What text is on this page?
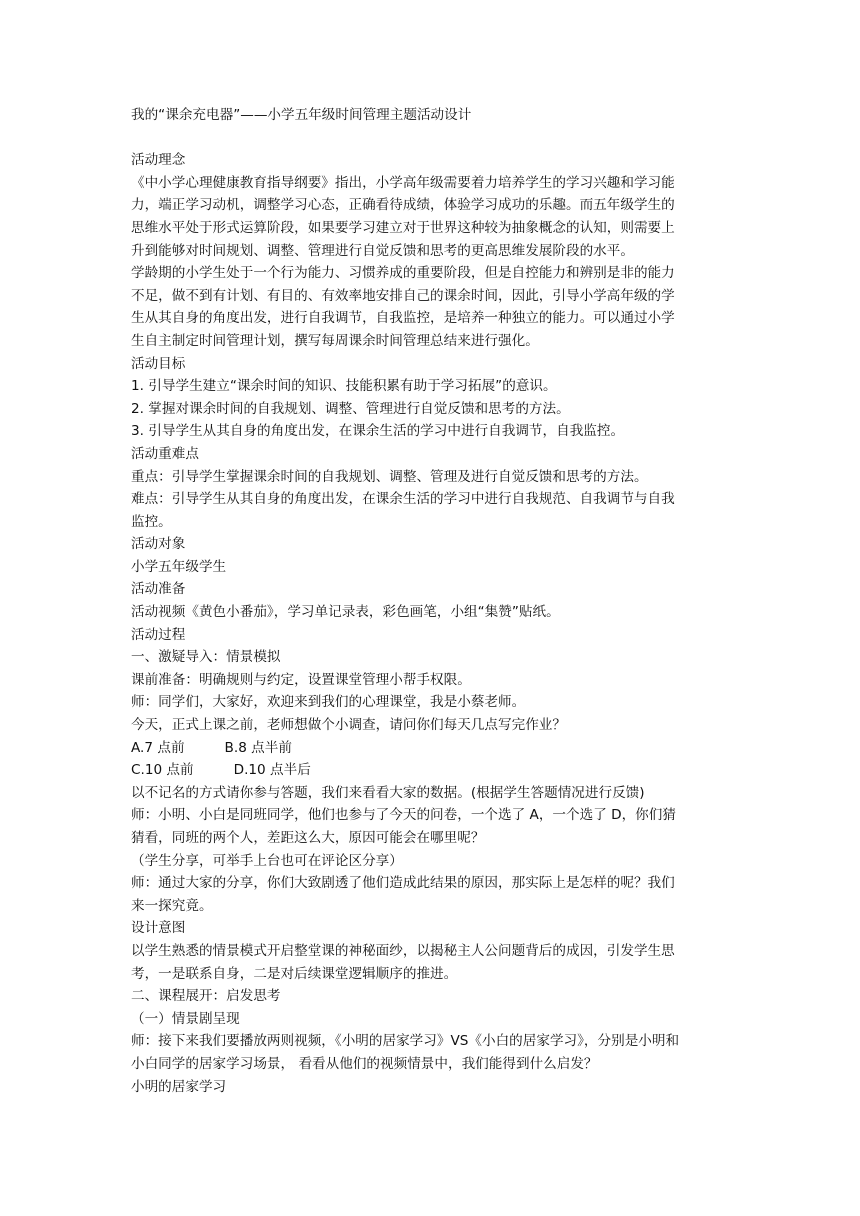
我的“课余充电器”——小学五年级时间管理主题活动设计
活动理念
《中小学心理健康教育指导纲要》指出，小学高年级需要着力培养学生的学习兴趣和学习能
力，端正学习动机，调整学习心态，正确看待成绩，体验学习成功的乐趣。而五年级学生的
思维水平处于形式运算阶段，如果要学习建立对于世界这种较为抽象概念的认知，则需要上
升到能够对时间规划、调整、管理进行自觉反馈和思考的更高思维发展阶段的水平。
学龄期的小学生处于一个行为能力、习惯养成的重要阶段，但是自控能力和辨别是非的能力
不足，做不到有计划、有目的、有效率地安排自己的课余时间，因此，引导小学高年级的学
生从其自身的角度出发，进行自我调节，自我监控，是培养一种独立的能力。可以通过小学
生自主制定时间管理计划，撰写每周课余时间管理总结来进行强化。
活动目标
1. 引导学生建立“课余时间的知识、技能积累有助于学习拓展”的意识。
2. 掌握对课余时间的自我规划、调整、管理进行自觉反馈和思考的方法。
3. 引导学生从其自身的角度出发，在课余生活的学习中进行自我调节，自我监控。
活动重难点
重点：引导学生掌握课余时间的自我规划、调整、管理及进行自觉反馈和思考的方法。
难点：引导学生从其自身的角度出发，在课余生活的学习中进行自我规范、自我调节与自我
监控。
活动对象
小学五年级学生
活动准备
活动视频《黄色小番茄》，学习单记录表，彩色画笔，小组“集赞”贴纸。
活动过程
一、激疑导入：情景模拟
课前准备：明确规则与约定，设置课堂管理小帮手权限。
师：同学们，大家好，欢迎来到我们的心理课堂，我是小蔡老师。
今天，正式上课之前，老师想做个小调查，请问你们每天几点写完作业？
A.7 点前	B.8 点半前
C.10 点前	D.10 点半后
以不记名的方式请你参与答题，我们来看看大家的数据。(根据学生答题情况进行反馈)
师：小明、小白是同班同学，他们也参与了今天的问卷，一个选了 A，一个选了 D，你们猜
猜看，同班的两个人，差距这么大，原因可能会在哪里呢？
（学生分享，可举手上台也可在评论区分享）
师：通过大家的分享，你们大致剧透了他们造成此结果的原因，那实际上是怎样的呢？我们
来一探究竟。
设计意图
以学生熟悉的情景模式开启整堂课的神秘面纱，以揭秘主人公问题背后的成因，引发学生思
考，一是联系自身，二是对后续课堂逻辑顺序的推进。
二、课程展开：启发思考
（一）情景剧呈现
师：接下来我们要播放两则视频，《小明的居家学习》VS《小白的居家学习》，分别是小明和
小白同学的居家学习场景， 看看从他们的视频情景中，我们能得到什么启发？
小明的居家学习
